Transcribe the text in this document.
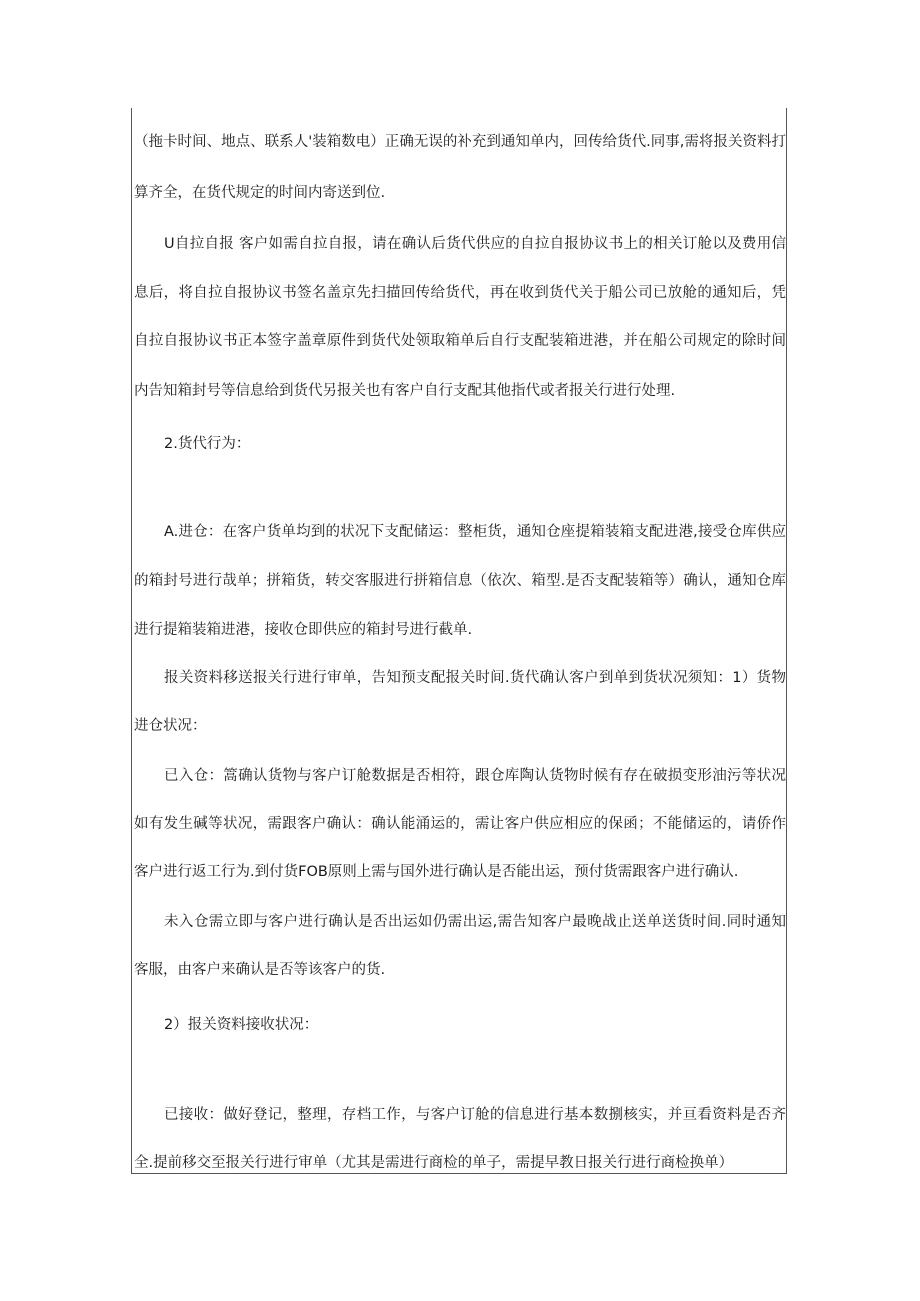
（拖卡时间、地点、联系人'装箱数电）正确无误的补充到通知单内，回传给货代.同事,需将报关资料打
算齐全，在货代规定的时间内寄送到位.
U自拉自报 客户如需自拉自报，请在确认后货代供应的自拉自报协议书上的相关订舱以及费用信
息后，将自拉自报协议书签名盖京先扫描回传给货代，再在收到货代关于船公司已放舱的通知后，凭
自拉自报协议书正本签字盖章原件到货代处领取箱单后自行支配装箱进港，并在船公司规定的除时间
内告知箱封号等信息给到货代另报关也有客户自行支配其他指代或者报关行进行处理.
2.货代行为：
A.进仓：在客户货单均到的状况下支配储运：整柜货，通知仓座提箱装箱支配进港,接受仓库供应
的箱封号进行哉单；拼箱货，转交客服进行拼箱信息（依次、箱型.是否支配装箱等）确认，通知仓库
进行提箱装箱进港，接收仓即供应的箱封号进行截单.
报关资料移送报关行进行审单，告知预支配报关时间.货代确认客户到单到货状况须知：1）货物
进仓状况：
已入仓：篙确认货物与客户订舱数据是否相符，跟仓库陶认货物时候有存在破损变形油污等状况
如有发生碱等状况，需跟客户确认：确认能涌运的，需让客户供应相应的保函；不能储运的，请侨作
客户进行返工行为.到付货FOB原则上需与国外进行确认是否能出运，预付货需跟客户进行确认.
未入仓需立即与客户进行确认是否出运如仍需出运,需告知客户最晚战止送单送货时间.同时通知
客服，由客户来确认是否等该客户的货.
2）报关资料接收状况：
已接收：做好登记，整理，存档工作，与客户订舱的信息进行基本数捌核实，并亘看资料是否齐
全.提前移交至报关行进行审单（尤其是需进行商检的单子，需提早教日报关行进行商检换单）
